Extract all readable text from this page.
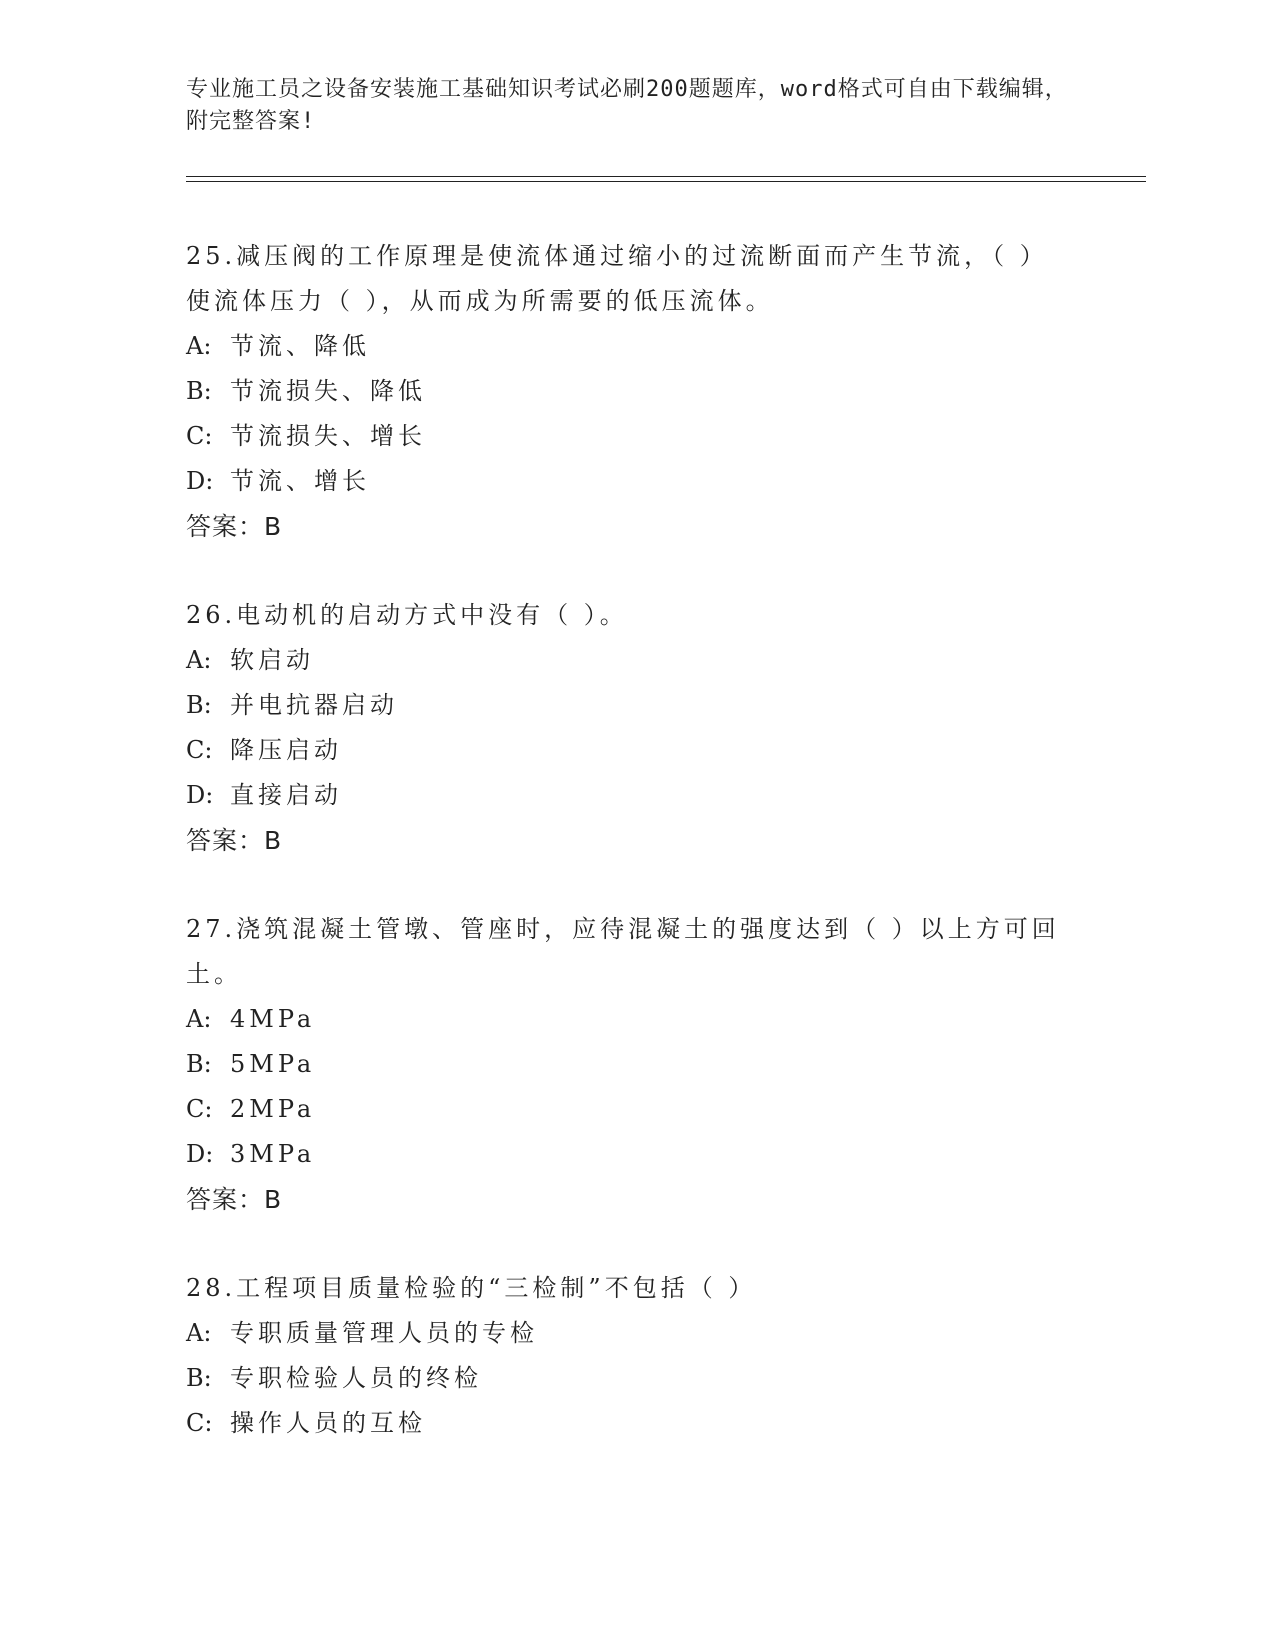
专业施工员之设备安装施工基础知识考试必刷200题题库，word格式可自由下载编辑，附完整答案!

25.减压阀的工作原理是使流体通过缩小的过流断面而产生节流，（ ）使流体压力（ ），从而成为所需要的低压流体。

A: 节流、降低

B: 节流损失、降低

C: 节流损失、增长

D: 节流、增长

答案：B

26.电动机的启动方式中没有（ ）。

A: 软启动

B: 并电抗器启动

C: 降压启动

D: 直接启动

答案：B

27.浇筑混凝土管墩、管座时，应待混凝土的强度达到（ ）以上方可回土。

A: 4MPa

B: 5MPa

C: 2MPa

D: 3MPa

答案：B

28.工程项目质量检验的“三检制”不包括（ ）

A: 专职质量管理人员的专检

B: 专职检验人员的终检

C: 操作人员的互检
